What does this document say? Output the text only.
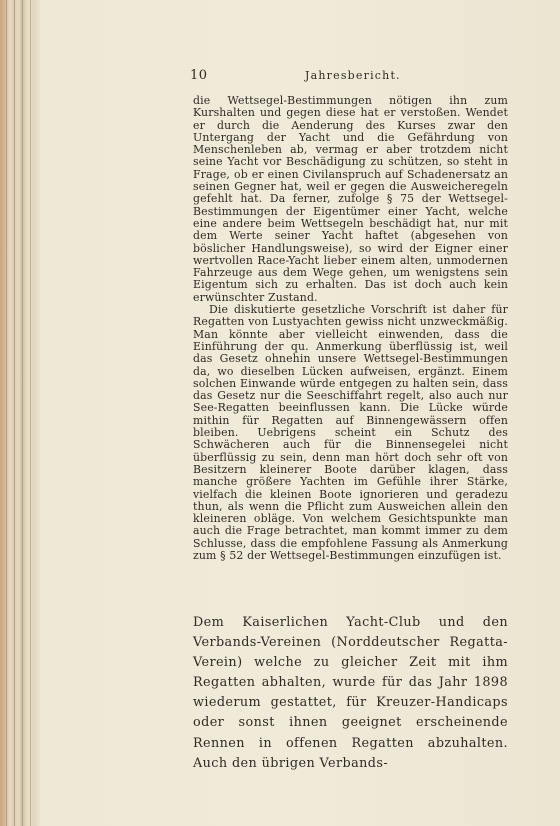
10	Jahresbericht.

die Wettsegel-Bestimmungen nötigen ihn zum Kurshalten und gegen diese hat er verstoßen. Wendet er durch die Aenderung des Kurses zwar den Untergang der Yacht und die Gefährdung von Menschenleben ab, vermag er aber trotzdem nicht seine Yacht vor Beschädigung zu schützen, so steht in Frage, ob er einen Civilanspruch auf Schadenersatz an seinen Gegner hat, weil er gegen die Ausweicheregeln gefehlt hat. Da ferner, zufolge § 75 der Wettsegel-Bestimmungen der Eigentümer einer Yacht, welche eine andere beim Wettsegeln beschädigt hat, nur mit dem Werte seiner Yacht haftet (abgesehen von böslicher Handlungsweise), so wird der Eigner einer wertvollen Race-Yacht lieber einem alten, unmodernen Fahrzeuge aus dem Wege gehen, um wenigstens sein Eigentum sich zu erhalten. Das ist doch auch kein erwünschter Zustand.

Die diskutierte gesetzliche Vorschrift ist daher für Regatten von Lustyachten gewiss nicht unzweckmäßig. Man könnte aber vielleicht einwenden, dass die Einführung der qu. Anmerkung überflüssig ist, weil das Gesetz ohnehin unsere Wettsegel-Bestimmungen da, wo dieselben Lücken aufweisen, ergänzt. Einem solchen Einwande würde entgegen zu halten sein, dass das Gesetz nur die Seeschiffahrt regelt, also auch nur See-Regatten beeinflussen kann. Die Lücke würde mithin für Regatten auf Binnengewässern offen bleiben. Uebrigens scheint ein Schutz des Schwächeren auch für die Binnensegelei nicht überflüssig zu sein, denn man hört doch sehr oft von Besitzern kleinerer Boote darüber klagen, dass manche größere Yachten im Gefühle ihrer Stärke, vielfach die kleinen Boote ignorieren und geradezu thun, als wenn die Pflicht zum Ausweichen allein den kleineren obläge. Von welchem Gesichtspunkte man auch die Frage betrachtet, man kommt immer zu dem Schlusse, dass die empfohlene Fassung als Anmerkung zum § 52 der Wettsegel-Bestimmungen einzufügen ist.

Dem Kaiserlichen Yacht-Club und den Verbands-Vereinen (Norddeutscher Regatta-Verein) welche zu gleicher Zeit mit ihm Regatten abhalten, wurde für das Jahr 1898 wiederum gestattet, für Kreuzer-Handicaps oder sonst ihnen geeignet erscheinende Rennen in offenen Regatten abzuhalten. Auch den übrigen Verbands-
